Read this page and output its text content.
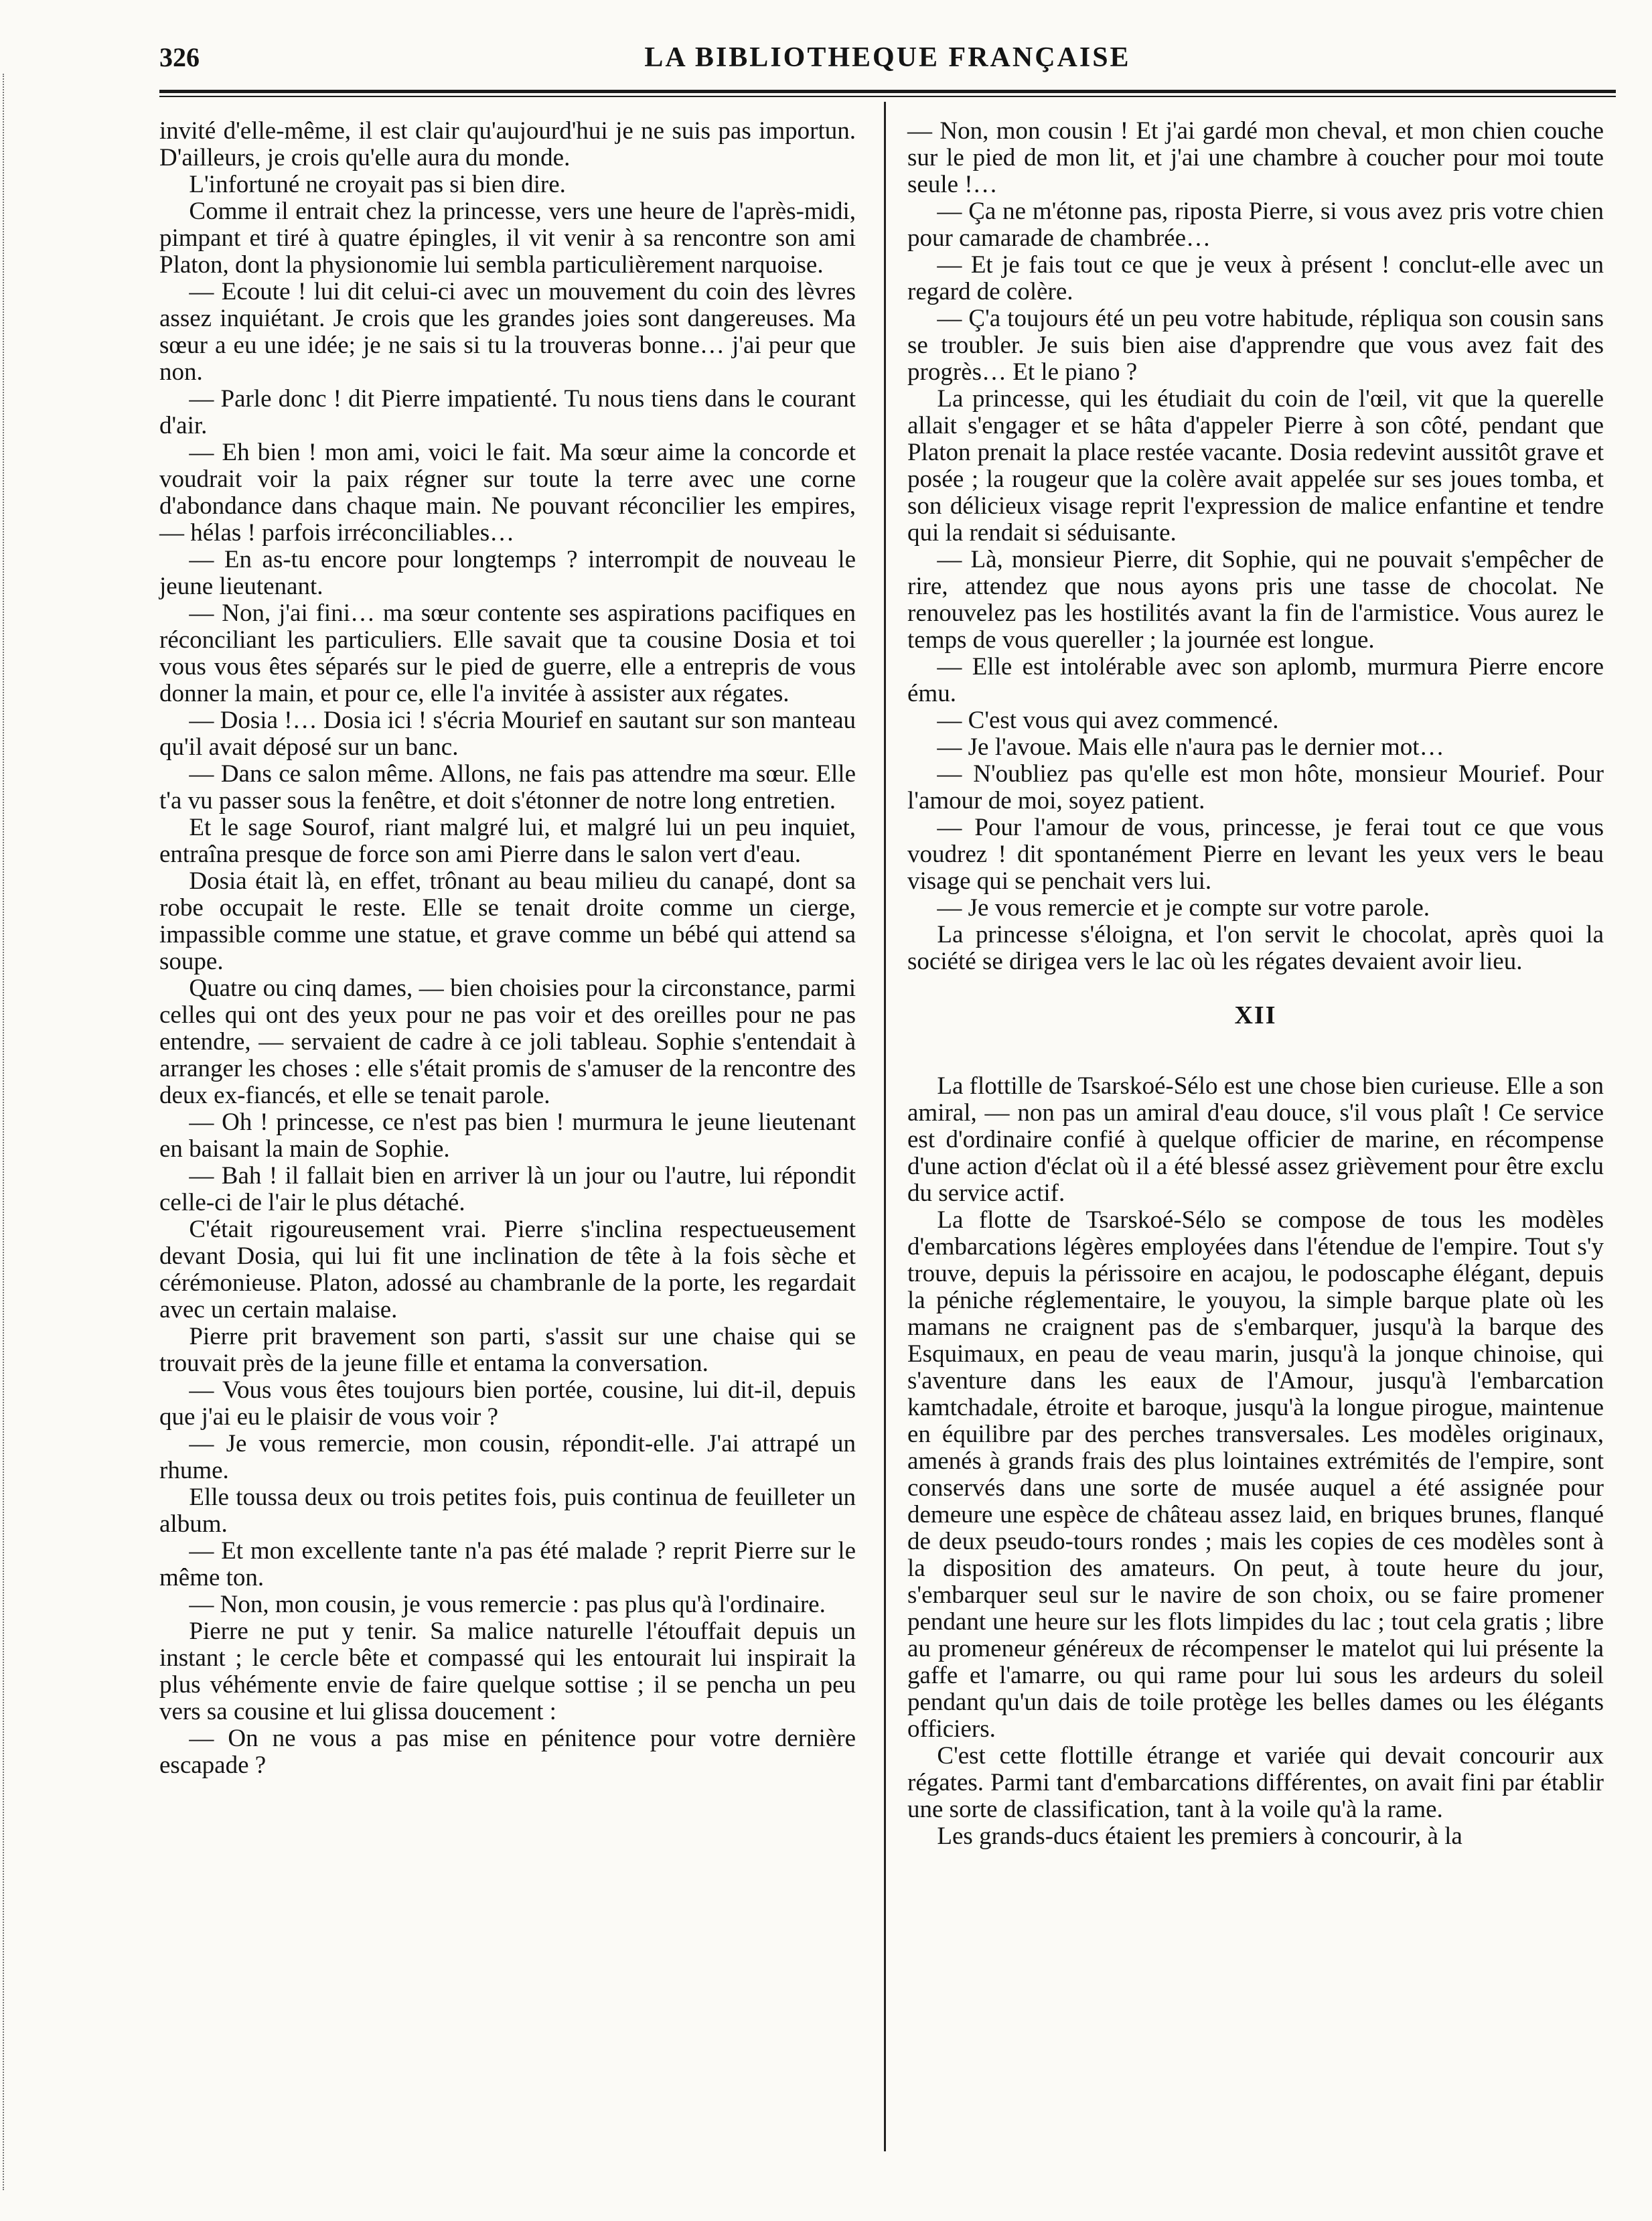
326	LA BIBLIOTHEQUE FRANÇAISE

invité d'elle-même, il est clair qu'aujourd'hui je ne suis pas importun. D'ailleurs, je crois qu'elle aura du monde.

L'infortuné ne croyait pas si bien dire.

Comme il entrait chez la princesse, vers une heure de l'après-midi, pimpant et tiré à quatre épingles, il vit venir à sa rencontre son ami Platon, dont la physionomie lui sembla particulièrement narquoise.

— Ecoute ! lui dit celui-ci avec un mouvement du coin des lèvres assez inquiétant. Je crois que les grandes joies sont dangereuses. Ma sœur a eu une idée; je ne sais si tu la trouveras bonne… j'ai peur que non.

— Parle donc ! dit Pierre impatienté. Tu nous tiens dans le courant d'air.

— Eh bien ! mon ami, voici le fait. Ma sœur aime la concorde et voudrait voir la paix régner sur toute la terre avec une corne d'abondance dans chaque main. Ne pouvant réconcilier les empires, — hélas ! parfois irréconciliables…

— En as-tu encore pour longtemps ? interrompit de nouveau le jeune lieutenant.

— Non, j'ai fini… ma sœur contente ses aspirations pacifiques en réconciliant les particuliers. Elle savait que ta cousine Dosia et toi vous vous êtes séparés sur le pied de guerre, elle a entrepris de vous donner la main, et pour ce, elle l'a invitée à assister aux régates.

— Dosia !… Dosia ici ! s'écria Mourief en sautant sur son manteau qu'il avait déposé sur un banc.

— Dans ce salon même. Allons, ne fais pas attendre ma sœur. Elle t'a vu passer sous la fenêtre, et doit s'étonner de notre long entretien.

Et le sage Sourof, riant malgré lui, et malgré lui un peu inquiet, entraîna presque de force son ami Pierre dans le salon vert d'eau.

Dosia était là, en effet, trônant au beau milieu du canapé, dont sa robe occupait le reste. Elle se tenait droite comme un cierge, impassible comme une statue, et grave comme un bébé qui attend sa soupe.

Quatre ou cinq dames, — bien choisies pour la circonstance, parmi celles qui ont des yeux pour ne pas voir et des oreilles pour ne pas entendre, — servaient de cadre à ce joli tableau. Sophie s'entendait à arranger les choses : elle s'était promis de s'amuser de la rencontre des deux ex-fiancés, et elle se tenait parole.

— Oh ! princesse, ce n'est pas bien ! murmura le jeune lieutenant en baisant la main de Sophie.

— Bah ! il fallait bien en arriver là un jour ou l'autre, lui répondit celle-ci de l'air le plus détaché.

C'était rigoureusement vrai. Pierre s'inclina respectueusement devant Dosia, qui lui fit une inclination de tête à la fois sèche et cérémonieuse. Platon, adossé au chambranle de la porte, les regardait avec un certain malaise.

Pierre prit bravement son parti, s'assit sur une chaise qui se trouvait près de la jeune fille et entama la conversation.

— Vous vous êtes toujours bien portée, cousine, lui dit-il, depuis que j'ai eu le plaisir de vous voir ?

— Je vous remercie, mon cousin, répondit-elle. J'ai attrapé un rhume.

Elle toussa deux ou trois petites fois, puis continua de feuilleter un album.

— Et mon excellente tante n'a pas été malade ? reprit Pierre sur le même ton.

— Non, mon cousin, je vous remercie : pas plus qu'à l'ordinaire.

Pierre ne put y tenir. Sa malice naturelle l'étouffait depuis un instant ; le cercle bête et compassé qui les entourait lui inspirait la plus véhémente envie de faire quelque sottise ; il se pencha un peu vers sa cousine et lui glissa doucement :

— On ne vous a pas mise en pénitence pour votre dernière escapade ?

— Non, mon cousin ! Et j'ai gardé mon cheval, et mon chien couche sur le pied de mon lit, et j'ai une chambre à coucher pour moi toute seule !…

— Ça ne m'étonne pas, riposta Pierre, si vous avez pris votre chien pour camarade de chambrée…

— Et je fais tout ce que je veux à présent ! conclut-elle avec un regard de colère.

— Ç'a toujours été un peu votre habitude, répliqua son cousin sans se troubler. Je suis bien aise d'apprendre que vous avez fait des progrès… Et le piano ?

La princesse, qui les étudiait du coin de l'œil, vit que la querelle allait s'engager et se hâta d'appeler Pierre à son côté, pendant que Platon prenait la place restée vacante. Dosia redevint aussitôt grave et posée ; la rougeur que la colère avait appelée sur ses joues tomba, et son délicieux visage reprit l'expression de malice enfantine et tendre qui la rendait si séduisante.

— Là, monsieur Pierre, dit Sophie, qui ne pouvait s'empêcher de rire, attendez que nous ayons pris une tasse de chocolat. Ne renouvelez pas les hostilités avant la fin de l'armistice. Vous aurez le temps de vous quereller ; la journée est longue.

— Elle est intolérable avec son aplomb, murmura Pierre encore ému.

— C'est vous qui avez commencé.

— Je l'avoue. Mais elle n'aura pas le dernier mot…

— N'oubliez pas qu'elle est mon hôte, monsieur Mourief. Pour l'amour de moi, soyez patient.

— Pour l'amour de vous, princesse, je ferai tout ce que vous voudrez ! dit spontanément Pierre en levant les yeux vers le beau visage qui se penchait vers lui.

— Je vous remercie et je compte sur votre parole.

La princesse s'éloigna, et l'on servit le chocolat, après quoi la société se dirigea vers le lac où les régates devaient avoir lieu.

XII

La flottille de Tsarskoé-Sélo est une chose bien curieuse. Elle a son amiral, — non pas un amiral d'eau douce, s'il vous plaît ! Ce service est d'ordinaire confié à quelque officier de marine, en récompense d'une action d'éclat où il a été blessé assez grièvement pour être exclu du service actif.

La flotte de Tsarskoé-Sélo se compose de tous les modèles d'embarcations légères employées dans l'étendue de l'empire. Tout s'y trouve, depuis la périssoire en acajou, le podoscaphe élégant, depuis la péniche réglementaire, le youyou, la simple barque plate où les mamans ne craignent pas de s'embarquer, jusqu'à la barque des Esquimaux, en peau de veau marin, jusqu'à la jonque chinoise, qui s'aventure dans les eaux de l'Amour, jusqu'à l'embarcation kamtchadale, étroite et baroque, jusqu'à la longue pirogue, maintenue en équilibre par des perches transversales. Les modèles originaux, amenés à grands frais des plus lointaines extrémités de l'empire, sont conservés dans une sorte de musée auquel a été assignée pour demeure une espèce de château assez laid, en briques brunes, flanqué de deux pseudo-tours rondes ; mais les copies de ces modèles sont à la disposition des amateurs. On peut, à toute heure du jour, s'embarquer seul sur le navire de son choix, ou se faire promener pendant une heure sur les flots limpides du lac ; tout cela gratis ; libre au promeneur généreux de récompenser le matelot qui lui présente la gaffe et l'amarre, ou qui rame pour lui sous les ardeurs du soleil pendant qu'un dais de toile protège les belles dames ou les élégants officiers.

C'est cette flottille étrange et variée qui devait concourir aux régates. Parmi tant d'embarcations différentes, on avait fini par établir une sorte de classification, tant à la voile qu'à la rame.

Les grands-ducs étaient les premiers à concourir, à la
